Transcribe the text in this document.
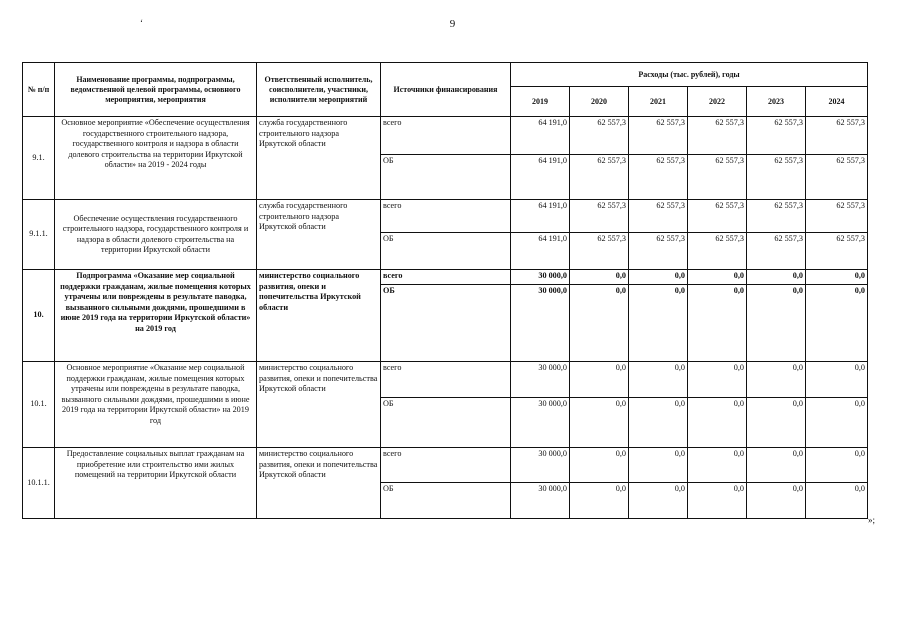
9
‘
№ п/п	Наименование программы, подпрограммы, ведомственной целевой программы, основного мероприятия, мероприятия	Ответственный исполнитель, соисполнители, участники, исполнители мероприятий	Источники финансирования	Расходы (тыс. рублей), годы					
				2019	2020	2021	2022	2023	2024
9.1.	Основное мероприятие «Обеспечение осуществления государственного строительного надзора, государственного контроля и надзора в области долевого строительства на территории Иркутской области» на 2019 - 2024 годы	служба государственного строительного надзора Иркутской области	всего	64 191,0	62 557,3	62 557,3	62 557,3	62 557,3	62 557,3
			ОБ	64 191,0	62 557,3	62 557,3	62 557,3	62 557,3	62 557,3
9.1.1.	Обеспечение осуществления государственного строительного надзора, государственного контроля и надзора в области долевого строительства на территории Иркутской области	служба государственного строительного надзора Иркутской области	всего	64 191,0	62 557,3	62 557,3	62 557,3	62 557,3	62 557,3
			ОБ	64 191,0	62 557,3	62 557,3	62 557,3	62 557,3	62 557,3
10.	Подпрограмма «Оказание мер социальной поддержки гражданам, жилые помещения которых утрачены или повреждены в результате паводка, вызванного сильными дождями, прошедшими в июне 2019 года на территории Иркутской области» на 2019 год	министерство социального развития, опеки и попечительства Иркутской области	всего	30 000,0	0,0	0,0	0,0	0,0	0,0
			ОБ	30 000,0	0,0	0,0	0,0	0,0	0,0
10.1.	Основное мероприятие «Оказание мер социальной поддержки гражданам, жилые помещения которых утрачены или повреждены в результате паводка, вызванного сильными дождями, прошедшими в июне 2019 года на территории Иркутской области» на 2019 год	министерство социального развития, опеки и попечительства Иркутской области	всего	30 000,0	0,0	0,0	0,0	0,0	0,0
			ОБ	30 000,0	0,0	0,0	0,0	0,0	0,0
10.1.1.	Предоставление социальных выплат гражданам на приобретение или строительство ими жилых помещений на территории Иркутской области	министерство социального развития, опеки и попечительства Иркутской области	всего	30 000,0	0,0	0,0	0,0	0,0	0,0
			ОБ	30 000,0	0,0	0,0	0,0	0,0	0,0
»;
